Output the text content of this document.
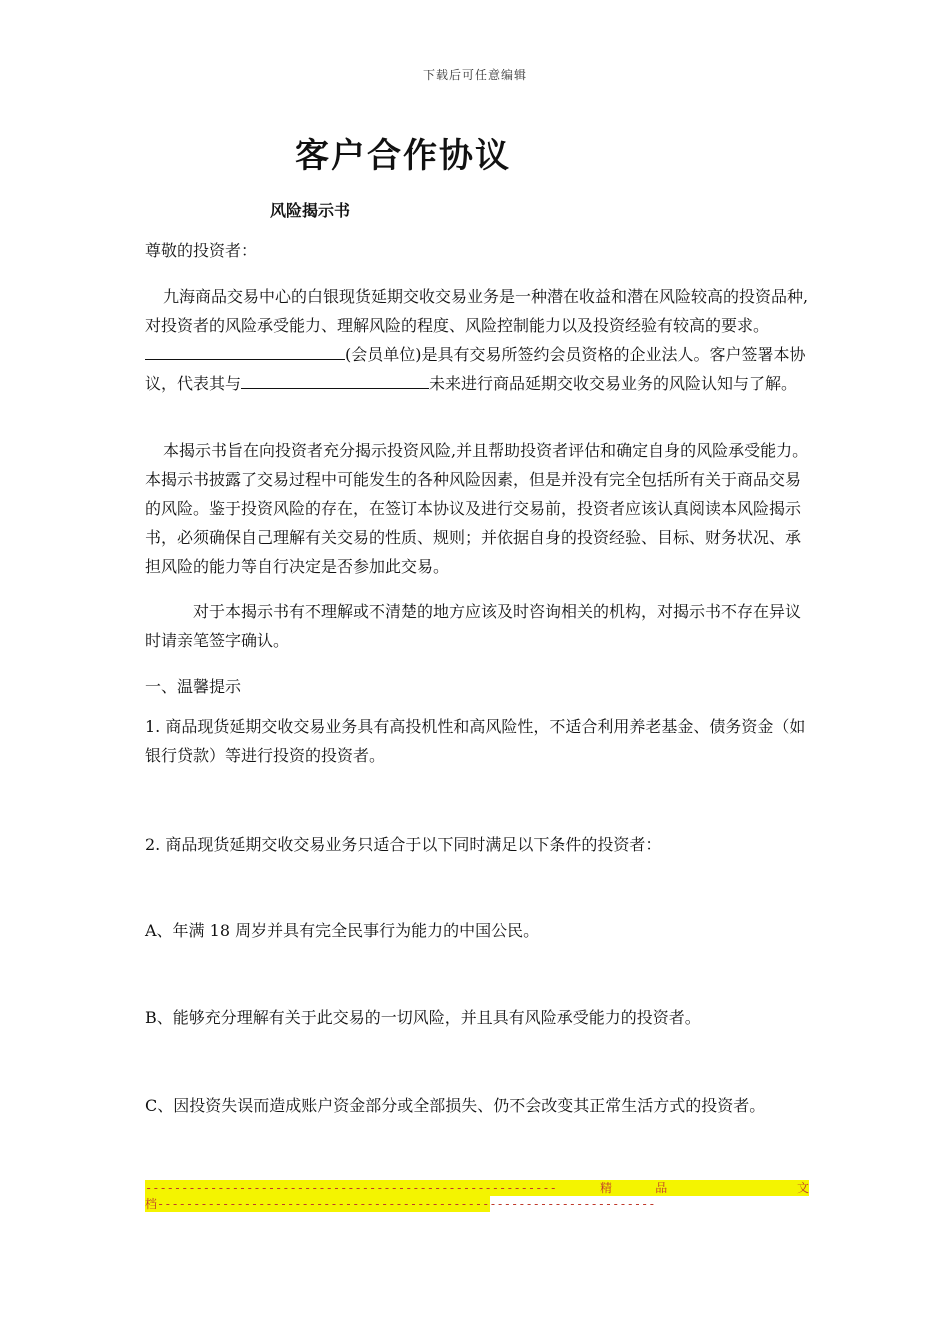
下载后可任意编辑
客户合作协议
风险揭示书

尊敬的投资者：

九海商品交易中心的白银现货延期交收交易业务是一种潜在收益和潜在风险较高的投资品种,对投资者的风险承受能力、理解风险的程度、风险控制能力以及投资经验有较高的要求。(会员单位)是具有交易所签约会员资格的企业法人。客户签署本协议，代表其与	未来进行商品延期交收交易业务的风险认知与了解。

本揭示书旨在向投资者充分揭示投资风险,并且帮助投资者评估和确定自身的风险承受能力。本揭示书披露了交易过程中可能发生的各种风险因素，但是并没有完全包括所有关于商品交易的风险。鉴于投资风险的存在，在签订本协议及进行交易前，投资者应该认真阅读本风险揭示书，必须确保自己理解有关交易的性质、规则；并依据自身的投资经验、目标、财务状况、承担风险的能力等自行决定是否参加此交易。

对于本揭示书有不理解或不清楚的地方应该及时咨询相关的机构，对揭示书不存在异议时请亲笔签字确认。

一、温馨提示

1. 商品现货延期交收交易业务具有高投机性和高风险性，不适合利用养老基金、债务资金（如银行贷款）等进行投资的投资者。

2. 商品现货延期交收交易业务只适合于以下同时满足以下条件的投资者：

A、年满 18 周岁并具有完全民事行为能力的中国公民。

B、能够充分理解有关于此交易的一切风险，并且具有风险承受能力的投资者。

C、因投资失误而造成账户资金部分或全部损失、仍不会改变其正常生活方式的投资者。

---------------------------------------------------------	精	品	文
档---------------------------------------------------------------------
